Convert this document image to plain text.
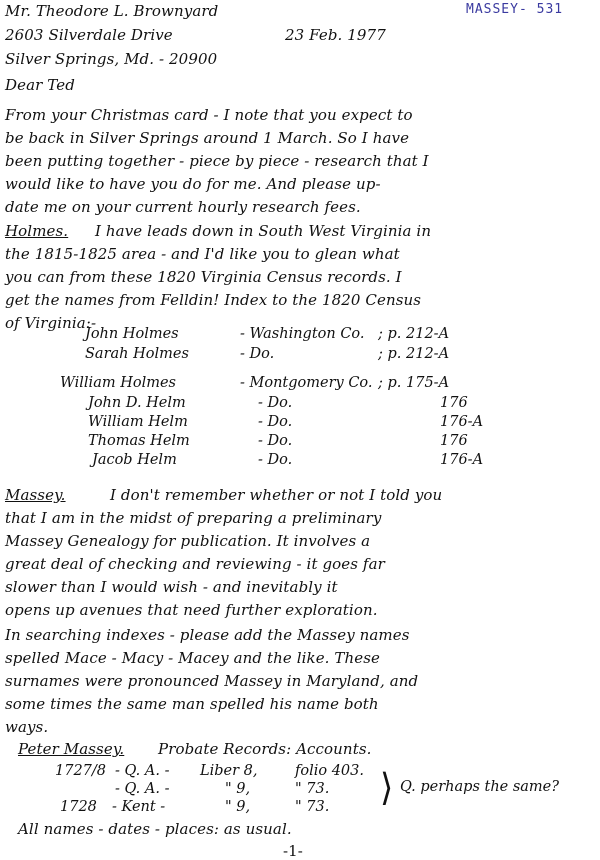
MASSEY- 531
Mr. Theodore L. Brownyard
2603 Silverdale Drive
Silver Springs, Md. - 20900
23 Feb. 1977
Dear Ted
From your Christmas card - I note that you expect to
be back in Silver Springs around 1 March. So I have
been putting together - piece by piece - research that I
would like to have you do for me. And please up-
date me on your current hourly research fees.
Holmes. I have leads down in South West Virginia in
the 1815-1825 area - and I'd like you to glean what
you can from these 1820 Virginia Census records. I
get the names from Felldin! Index to the 1820 Census
of Virginia:-
John Holmes	- Washington Co. ; p. 212-A
Sarah Holmes	- Do.	; p. 212-A
William Holmes	- Montgomery Co. ; p. 175-A
John D. Helm	- Do.	176
William Helm	- Do.	176-A
Thomas Helm	- Do.	176
Jacob Helm	- Do.	176-A
Massey.	I don't remember whether or not I told you
that I am in the midst of preparing a preliminary
Massey Genealogy for publication. It involves a
great deal of checking and reviewing - it goes far
slower than I would wish - and inevitably it
opens up avenues that need further exploration.
In searching indexes - please add the Massey names
spelled Mace - Macy - Macey and the like. These
surnames were pronounced Massey in Maryland, and
some times the same man spelled his name both
ways.
Peter Massey. Probate Records: Accounts.
1727/8 - Q. A. - Liber 8,	folio 403.
- Q. A. -	" 9,	" 73.
1728 - Kent -	" 9,	" 73. ⟩ Q. perhaps the same?
All names - dates - places: as usual.
-1-
